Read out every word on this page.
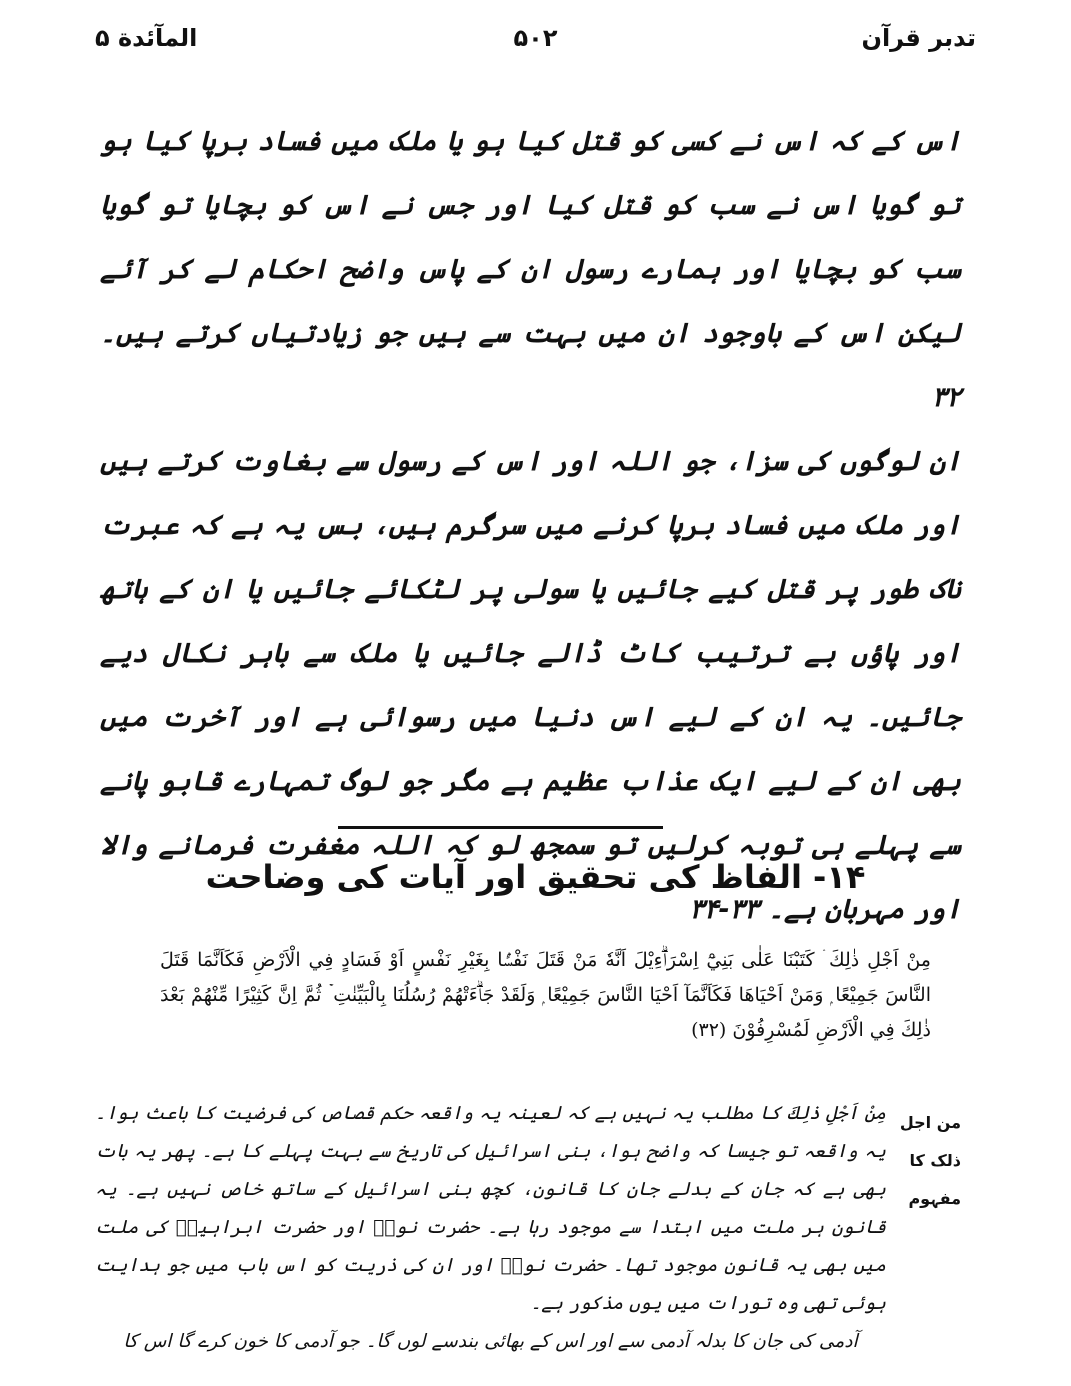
المآئدة ۵	۵۰۲	تدبر قرآن

اس کے کہ اس نے کسی کو قتل کیا ہو یا ملک میں فساد برپا کیا ہو تو گویا اس نے سب کو قتل کیا اور جس نے اس کو بچایا تو گویا سب کو بچایا اور ہمارے رسول ان کے پاس واضح احکام لے کر آئے لیکن اس کے باوجود ان میں بہت سے ہیں جو زیادتیاں کرتے ہیں۔ ۳۲

ان لوگوں کی سزا، جو اللہ اور اس کے رسول سے بغاوت کرتے ہیں اور ملک میں فساد برپا کرنے میں سرگرم ہیں، بس یہ ہے کہ عبرت ناک طور پر قتل کیے جائیں یا سولی پر لٹکائے جائیں یا ان کے ہاتھ اور پاؤں بے ترتیب کاٹ ڈالے جائیں یا ملک سے باہر نکال دیے جائیں۔ یہ ان کے لیے اس دنیا میں رسوائی ہے اور آخرت میں بھی ان کے لیے ایک عذاب عظیم ہے مگر جو لوگ تمہارے قابو پانے سے پہلے ہی توبہ کرلیں تو سمجھ لو کہ اللہ مغفرت فرمانے والا اور مہربان ہے۔ ۳۳-۳۴

۱۴- الفاظ کی تحقیق اور آیات کی وضاحت
مِنْ اَجْلِ ذٰلِكَ ۛ كَتَبْنَا عَلٰى بَنِيْٓ اِسْرَاۗءِيْلَ اَنَّهٗ مَنْ قَتَلَ نَفْسًۢا بِغَيْرِ نَفْسٍ اَوْ فَسَادٍ فِي الْاَرْضِ فَكَاَنَّمَا قَتَلَ النَّاسَ جَمِيْعًا ۭ وَمَنْ اَحْيَاهَا فَكَاَنَّمَآ اَحْيَا النَّاسَ جَمِيْعًا ۭ وَلَقَدْ جَاۗءَتْهُمْ رُسُلُنَا بِالْبَيِّنٰتِ ۡ ثُمَّ اِنَّ كَثِيْرًا مِّنْهُمْ بَعْدَ ذٰلِكَ فِي الْاَرْضِ لَمُسْرِفُوْنَ (۳۲)
من اجل
ذلک کا
مفہوم

مِنْ اَجْلِ ذٰلِكَ کا مطلب یہ نہیں ہے کہ لعینہ یہ واقعہ حکم قصاص کی فرضیت کا باعث ہوا۔ یہ واقعہ تو جیسا کہ واضح ہوا، بنی اسرائیل کی تاریخ سے بہت پہلے کا ہے۔ پھر یہ بات بھی ہے کہ جان کے بدلے جان کا قانون، کچھ بنی اسرائیل کے ساتھ خاص نہیں ہے۔ یہ قانون ہر ملت میں ابتدا سے موجود رہا ہے۔ حضرت نوحؑ اور حضرت ابراہیمؑ کی ملت میں بھی یہ قانون موجود تھا۔ حضرت نوحؑ اور ان کی ذریت کو اس باب میں جو ہدایت ہوئی تھی وہ تورات میں یوں مذکور ہے۔

آدمی کی جان کا بدلہ آدمی سے اور اس کے بھائی بندسے لوں گا۔ جو آدمی کا خون کرے گا اس کا
